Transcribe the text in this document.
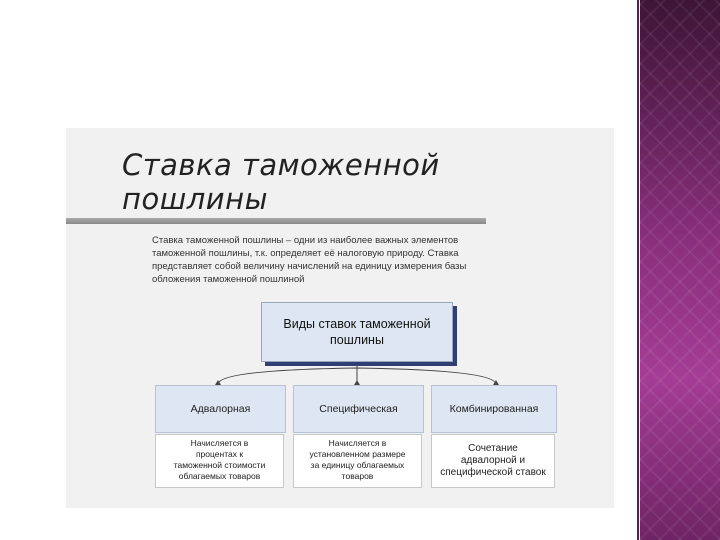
Ставка таможенной
пошлины
Ставка таможенной пошлины – одни из наиболее важных элементов
таможенной пошлины, т.к. определяет её налоговую природу. Ставка
представляет собой величину начислений на единицу измерения базы
обложения таможенной пошлиной
Виды ставок таможенной пошлины
Адвалорная	Специфическая	Комбинированная
Начисляется в
процентах к
таможенной стоимости
облагаемых товаров
Начисляется в
установленном размере
за единицу облагаемых
товаров
Сочетание
адвалорной и
специфической ставок
